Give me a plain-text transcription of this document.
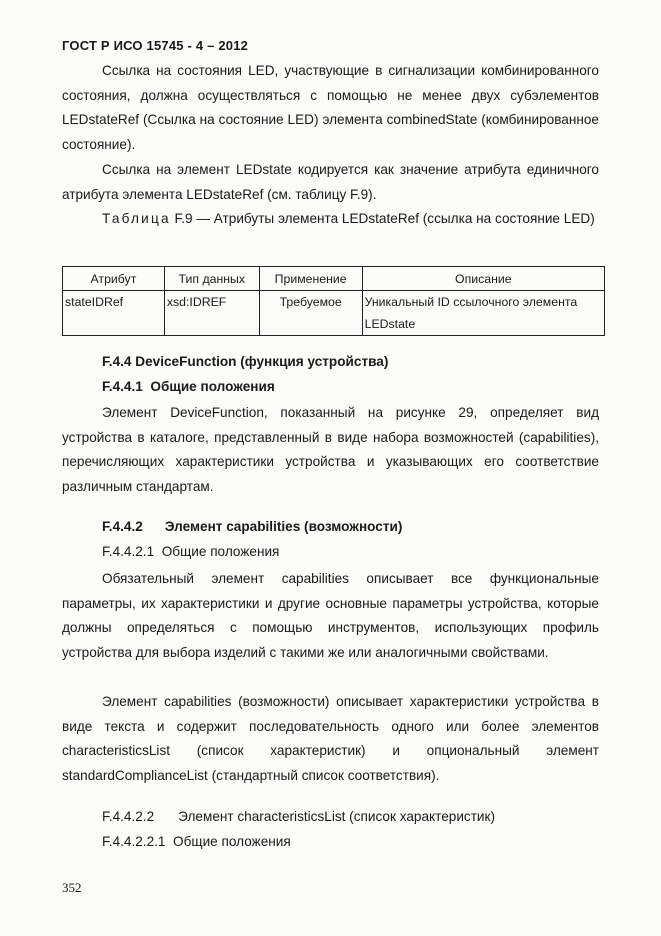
ГОСТ Р ИСО 15745 - 4 – 2012
Ссылка на состояния LED, участвующие в сигнализации комбинированного состояния, должна осуществляться с помощью не менее двух субэлементов LEDstateRef (Ссылка на состояние LED) элемента combinedState (комбинированное состояние).
Ссылка на элемент LEDstate кодируется как значение атрибута единичного атрибута элемента LEDstateRef (см. таблицу F.9).
Таблица F.9 — Атрибуты элемента LEDstateRef (ссылка на состояние LED)
Атрибут	Тип данных	Применение	Описание
stateIDRef	xsd:IDREF	Требуемое	Уникальный ID ссылочного элемента LEDstate
F.4.4 DeviceFunction (функция устройства)
F.4.4.1 Общие положения
Элемент DeviceFunction, показанный на рисунке 29, определяет вид устройства в каталоге, представленный в виде набора возможностей (capabilities), перечисляющих характеристики устройства и указывающих его соответствие различным стандартам.
F.4.4.2 Элемент capabilities (возможности)
F.4.4.2.1 Общие положения
Обязательный элемент capabilities описывает все функциональные параметры, их характеристики и другие основные параметры устройства, которые должны определяться с помощью инструментов, использующих профиль устройства для выбора изделий с такими же или аналогичными свойствами.
Элемент capabilities (возможности) описывает характеристики устройства в виде текста и содержит последовательность одного или более элементов characteristicsList (список характеристик) и опциональный элемент standardComplianceList (стандартный список соответствия).
F.4.4.2.2 Элемент characteristicsList (список характеристик)
F.4.4.2.2.1 Общие положения
352
